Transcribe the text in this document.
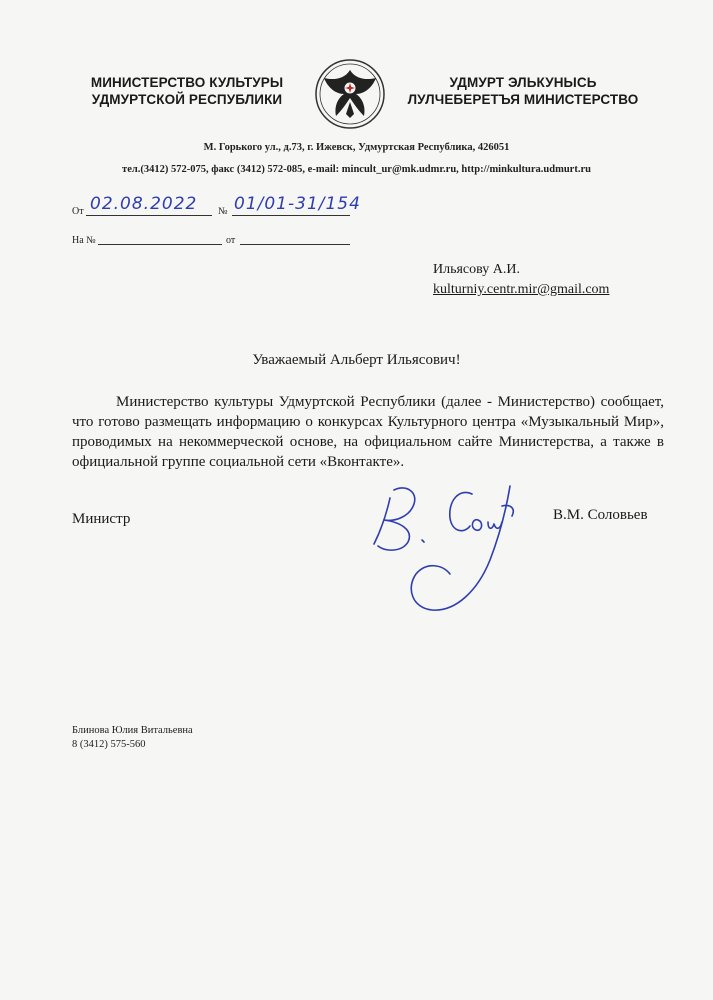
МИНИСТЕРСТВО КУЛЬТУРЫ
УДМУРТСКОЙ РЕСПУБЛИКИ
УДМУРТ ЭЛЬКУНЫСЬ
ЛУЛЧЕБЕРЕТЪЯ МИНИСТЕРСТВО
М. Горького ул., д.73, г. Ижевск, Удмуртская Республика, 426051
тел.(3412) 572-075, факс (3412) 572-085, e-mail: mincult_ur@mk.udmr.ru, http://minkultura.udmurt.ru
От 02.08.2022 № 01/01-31/154
На №	от
Ильясову А.И.
kulturniy.centr.mir@gmail.com
Уважаемый Альберт Ильясович!
Министерство культуры Удмуртской Республики (далее - Министерство) сообщает, что готово размещать информацию о конкурсах Культурного центра «Музыкальный Мир», проводимых на некоммерческой основе, на официальном сайте Министерства, а также в официальной группе социальной сети «Вконтакте».
Министр	В.М. Соловьев
Блинова Юлия Витальевна
8 (3412) 575-560
